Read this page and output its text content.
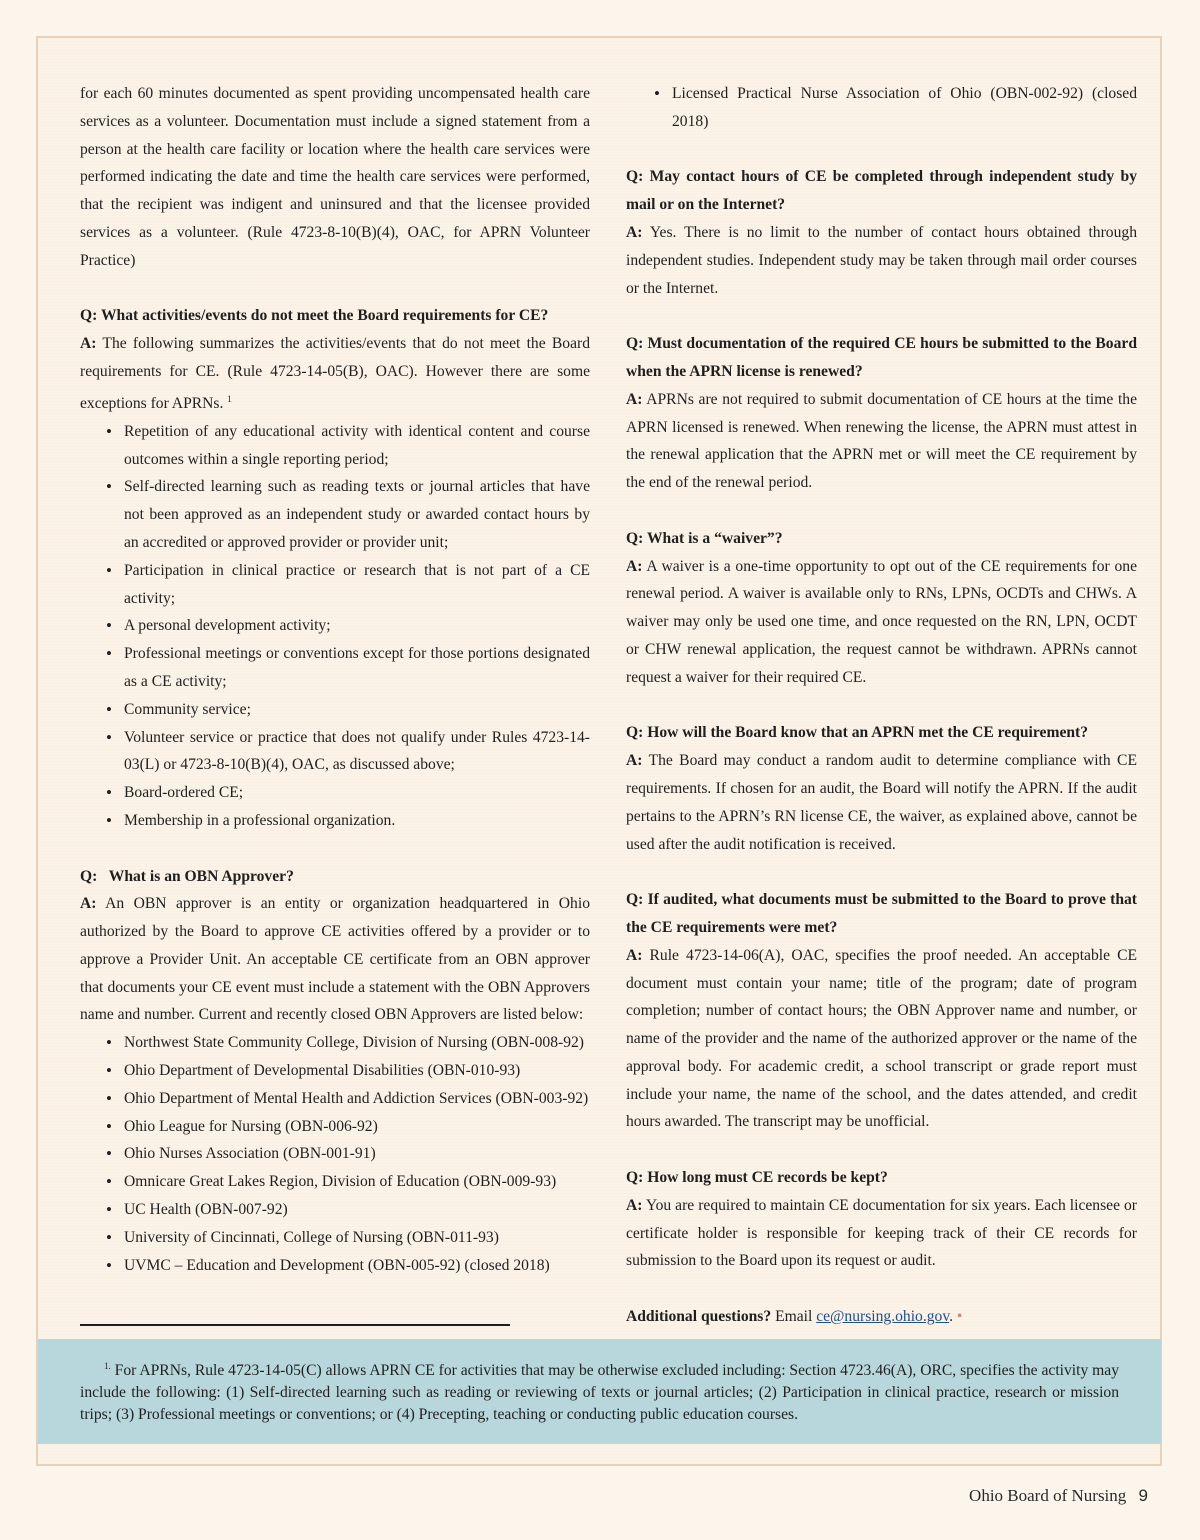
for each 60 minutes documented as spent providing uncompensated health care services as a volunteer. Documentation must include a signed statement from a person at the health care facility or location where the health care services were performed indicating the date and time the health care services were performed, that the recipient was indigent and uninsured and that the licensee provided services as a volunteer. (Rule 4723-8-10(B)(4), OAC, for APRN Volunteer Practice)

Q: What activities/events do not meet the Board requirements for CE?

A: The following summarizes the activities/events that do not meet the Board requirements for CE. (Rule 4723-14-05(B), OAC). However there are some exceptions for APRNs. $^1$

• Repetition of any educational activity with identical content and course outcomes within a single reporting period;
• Self-directed learning such as reading texts or journal articles that have not been approved as an independent study or awarded contact hours by an accredited or approved provider or provider unit;
• Participation in clinical practice or research that is not part of a CE activity;
• A personal development activity;
• Professional meetings or conventions except for those portions designated as a CE activity;
• Community service;
• Volunteer service or practice that does not qualify under Rules 4723-14-03(L) or 4723-8-10(B)(4), OAC, as discussed above;
• Board-ordered CE;
• Membership in a professional organization.

Q:   What is an OBN Approver?

A: An OBN approver is an entity or organization headquartered in Ohio authorized by the Board to approve CE activities offered by a provider or to approve a Provider Unit. An acceptable CE certificate from an OBN approver that documents your CE event must include a statement with the OBN Approvers name and number. Current and recently closed OBN Approvers are listed below:

• Northwest State Community College, Division of Nursing (OBN-008-92)
• Ohio Department of Developmental Disabilities (OBN-010-93)
• Ohio Department of Mental Health and Addiction Services (OBN-003-92)
• Ohio League for Nursing (OBN-006-92)
• Ohio Nurses Association (OBN-001-91)
• Omnicare Great Lakes Region, Division of Education (OBN-009-93)
• UC Health (OBN-007-92)
• University of Cincinnati, College of Nursing (OBN-011-93)
• UVMC – Education and Development (OBN-005-92) (closed 2018)
• Licensed Practical Nurse Association of Ohio (OBN-002-92) (closed 2018)

Q: May contact hours of CE be completed through independent study by mail or on the Internet?

A: Yes. There is no limit to the number of contact hours obtained through independent studies. Independent study may be taken through mail order courses or the Internet.

Q: Must documentation of the required CE hours be submitted to the Board when the APRN license is renewed?

A: APRNs are not required to submit documentation of CE hours at the time the APRN licensed is renewed. When renewing the license, the APRN must attest in the renewal application that the APRN met or will meet the CE requirement by the end of the renewal period.

Q: What is a “waiver”?

A: A waiver is a one-time opportunity to opt out of the CE requirements for one renewal period. A waiver is available only to RNs, LPNs, OCDTs and CHWs. A waiver may only be used one time, and once requested on the RN, LPN, OCDT or CHW renewal application, the request cannot be withdrawn. APRNs cannot request a waiver for their required CE.

Q: How will the Board know that an APRN met the CE requirement?

A: The Board may conduct a random audit to determine compliance with CE requirements. If chosen for an audit, the Board will notify the APRN. If the audit pertains to the APRN’s RN license CE, the waiver, as explained above, cannot be used after the audit notification is received.

Q: If audited, what documents must be submitted to the Board to prove that the CE requirements were met?

A: Rule 4723-14-06(A), OAC, specifies the proof needed. An acceptable CE document must contain your name; title of the program; date of program completion; number of contact hours; the OBN Approver name and number, or name of the provider and the name of the authorized approver or the name of the approval body. For academic credit, a school transcript or grade report must include your name, the name of the school, and the dates attended, and credit hours awarded. The transcript may be unofficial.

Q: How long must CE records be kept?

A: You are required to maintain CE documentation for six years. Each licensee or certificate holder is responsible for keeping track of their CE records for submission to the Board upon its request or audit.

Additional questions? Email ce@nursing.ohio.gov. •

$^{1.}$ For APRNs, Rule 4723-14-05(C) allows APRN CE for activities that may be otherwise excluded including: Section 4723.46(A), ORC, specifies the activity may include the following: (1) Self-directed learning such as reading or reviewing of texts or journal articles; (2) Participation in clinical practice, research or mission trips; (3) Professional meetings or conventions; or (4) Precepting, teaching or conducting public education courses.
Ohio Board of Nursing 9
